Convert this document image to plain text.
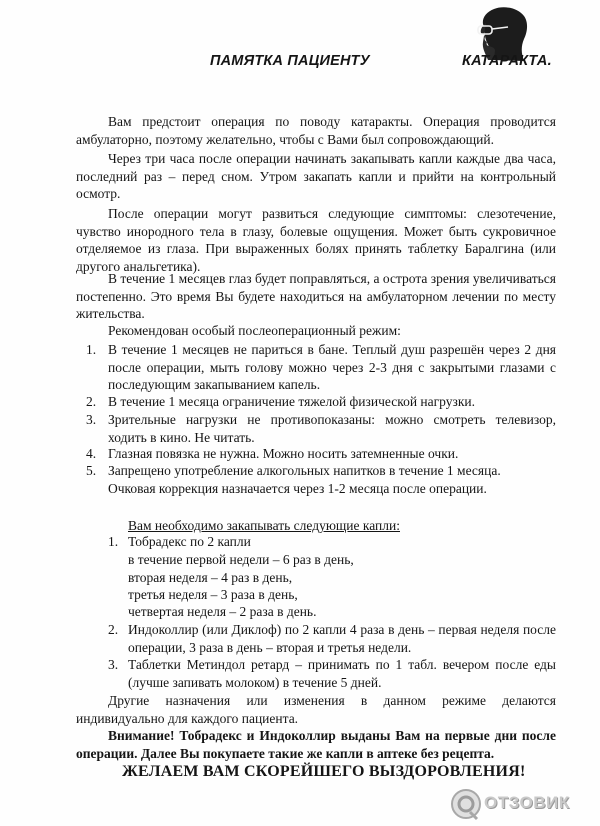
ПАМЯТКА ПАЦИЕНТУ	КАТАРАКТА.

Вам предстоит операция по поводу катаракты. Операция проводится амбулаторно, поэтому желательно, чтобы с Вами был сопровождающий.

Через три часа после операции начинать закапывать капли каждые два часа, последний раз – перед сном. Утром закапать капли и прийти на контрольный осмотр.

После операции могут развиться следующие симптомы: слезотечение, чувство инородного тела в глазу, болевые ощущения. Может быть сукровичное отделяемое из глаза. При выраженных болях принять таблетку Баралгина (или другого анальгетика).

В течение 1 месяцев глаз будет поправляться, а острота зрения увеличиваться постепенно. Это время Вы будете находиться на амбулаторном лечении по месту жительства.

Рекомендован особый послеоперационный режим:

1. В течение 1 месяцев не париться в бане. Теплый душ разрешён через 2 дня после операции, мыть голову можно через 2-3 дня с закрытыми глазами с последующим закапыванием капель.
2. В течение 1 месяца ограничение тяжелой физической нагрузки.
3. Зрительные нагрузки не противопоказаны: можно смотреть телевизор, ходить в кино. Не читать.
4. Глазная повязка не нужна. Можно носить затемненные очки.
5. Запрещено употребление алкогольных напитков в течение 1 месяца.
Очковая коррекция назначается через 1-2 месяца после операции.
Вам необходимо закапывать следующие капли:
1. Тобрадекс по 2 капли
в течение первой недели – 6 раз в день,
вторая неделя – 4 раз в день,
третья неделя – 3 раза в день,
четвертая неделя – 2 раза в день.
2. Индоколлир (или Диклоф) по 2 капли 4 раза в день – первая неделя после операции, 3 раза в день – вторая и третья недели.
3. Таблетки Метиндол ретард – принимать по 1 табл. вечером после еды (лучше запивать молоком) в течение 5 дней.

Другие назначения или изменения в данном режиме делаются индивидуально для каждого пациента.

Внимание! Тобрадекс и Индоколлир выданы Вам на первые дни после операции. Далее Вы покупаете такие же капли в аптеке без рецепта.

ЖЕЛАЕМ ВАМ СКОРЕЙШЕГО ВЫЗДОРОВЛЕНИЯ!
ОТЗОВИК
